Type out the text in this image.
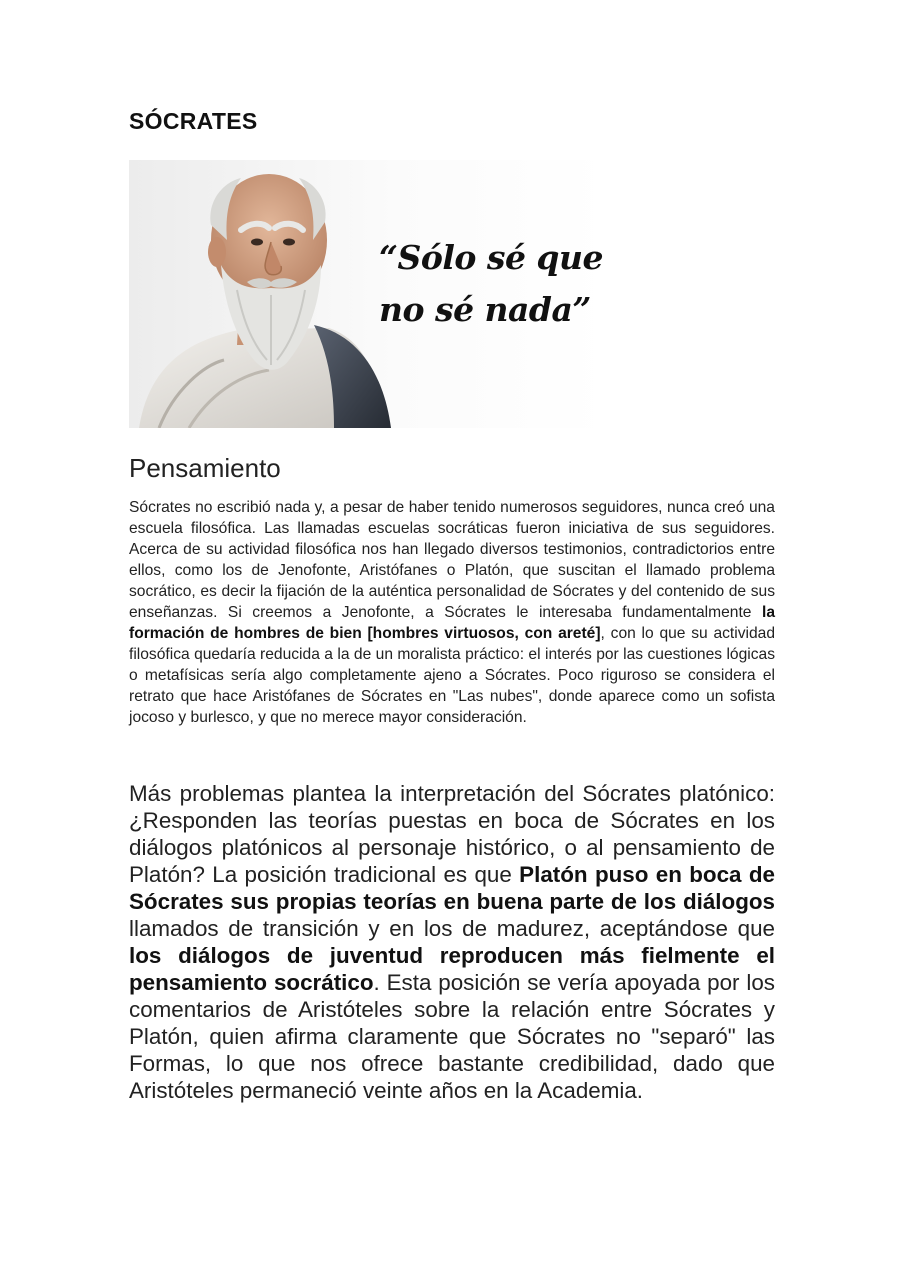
SÓCRATES
“Sólo sé que
no sé nada”
Pensamiento

Sócrates no escribió nada y, a pesar de haber tenido numerosos seguidores, nunca creó una escuela filosófica. Las llamadas escuelas socráticas fueron iniciativa de sus seguidores. Acerca de su actividad filosófica nos han llegado diversos testimonios, contradictorios entre ellos, como los de Jenofonte, Aristófanes o Platón, que suscitan el llamado problema socrático, es decir la fijación de la auténtica personalidad de Sócrates y del contenido de sus enseñanzas. Si creemos a Jenofonte, a Sócrates le interesaba fundamentalmente la formación de hombres de bien [hombres virtuosos, con areté], con lo que su actividad filosófica quedaría reducida a la de un moralista práctico: el interés por las cuestiones lógicas o metafísicas sería algo completamente ajeno a Sócrates. Poco riguroso se considera el retrato que hace Aristófanes de Sócrates en "Las nubes", donde aparece como un sofista jocoso y burlesco, y que no merece mayor consideración.

Más problemas plantea la interpretación del Sócrates platónico: ¿Responden las teorías puestas en boca de Sócrates en los diálogos platónicos al personaje histórico, o al pensamiento de Platón? La posición tradicional es que Platón puso en boca de Sócrates sus propias teorías en buena parte de los diálogos llamados de transición y en los de madurez, aceptándose que los diálogos de juventud reproducen más fielmente el pensamiento socrático. Esta posición se vería apoyada por los comentarios de Aristóteles sobre la relación entre Sócrates y Platón, quien afirma claramente que Sócrates no "separó" las Formas, lo que nos ofrece bastante credibilidad, dado que Aristóteles permaneció veinte años en la Academia.
